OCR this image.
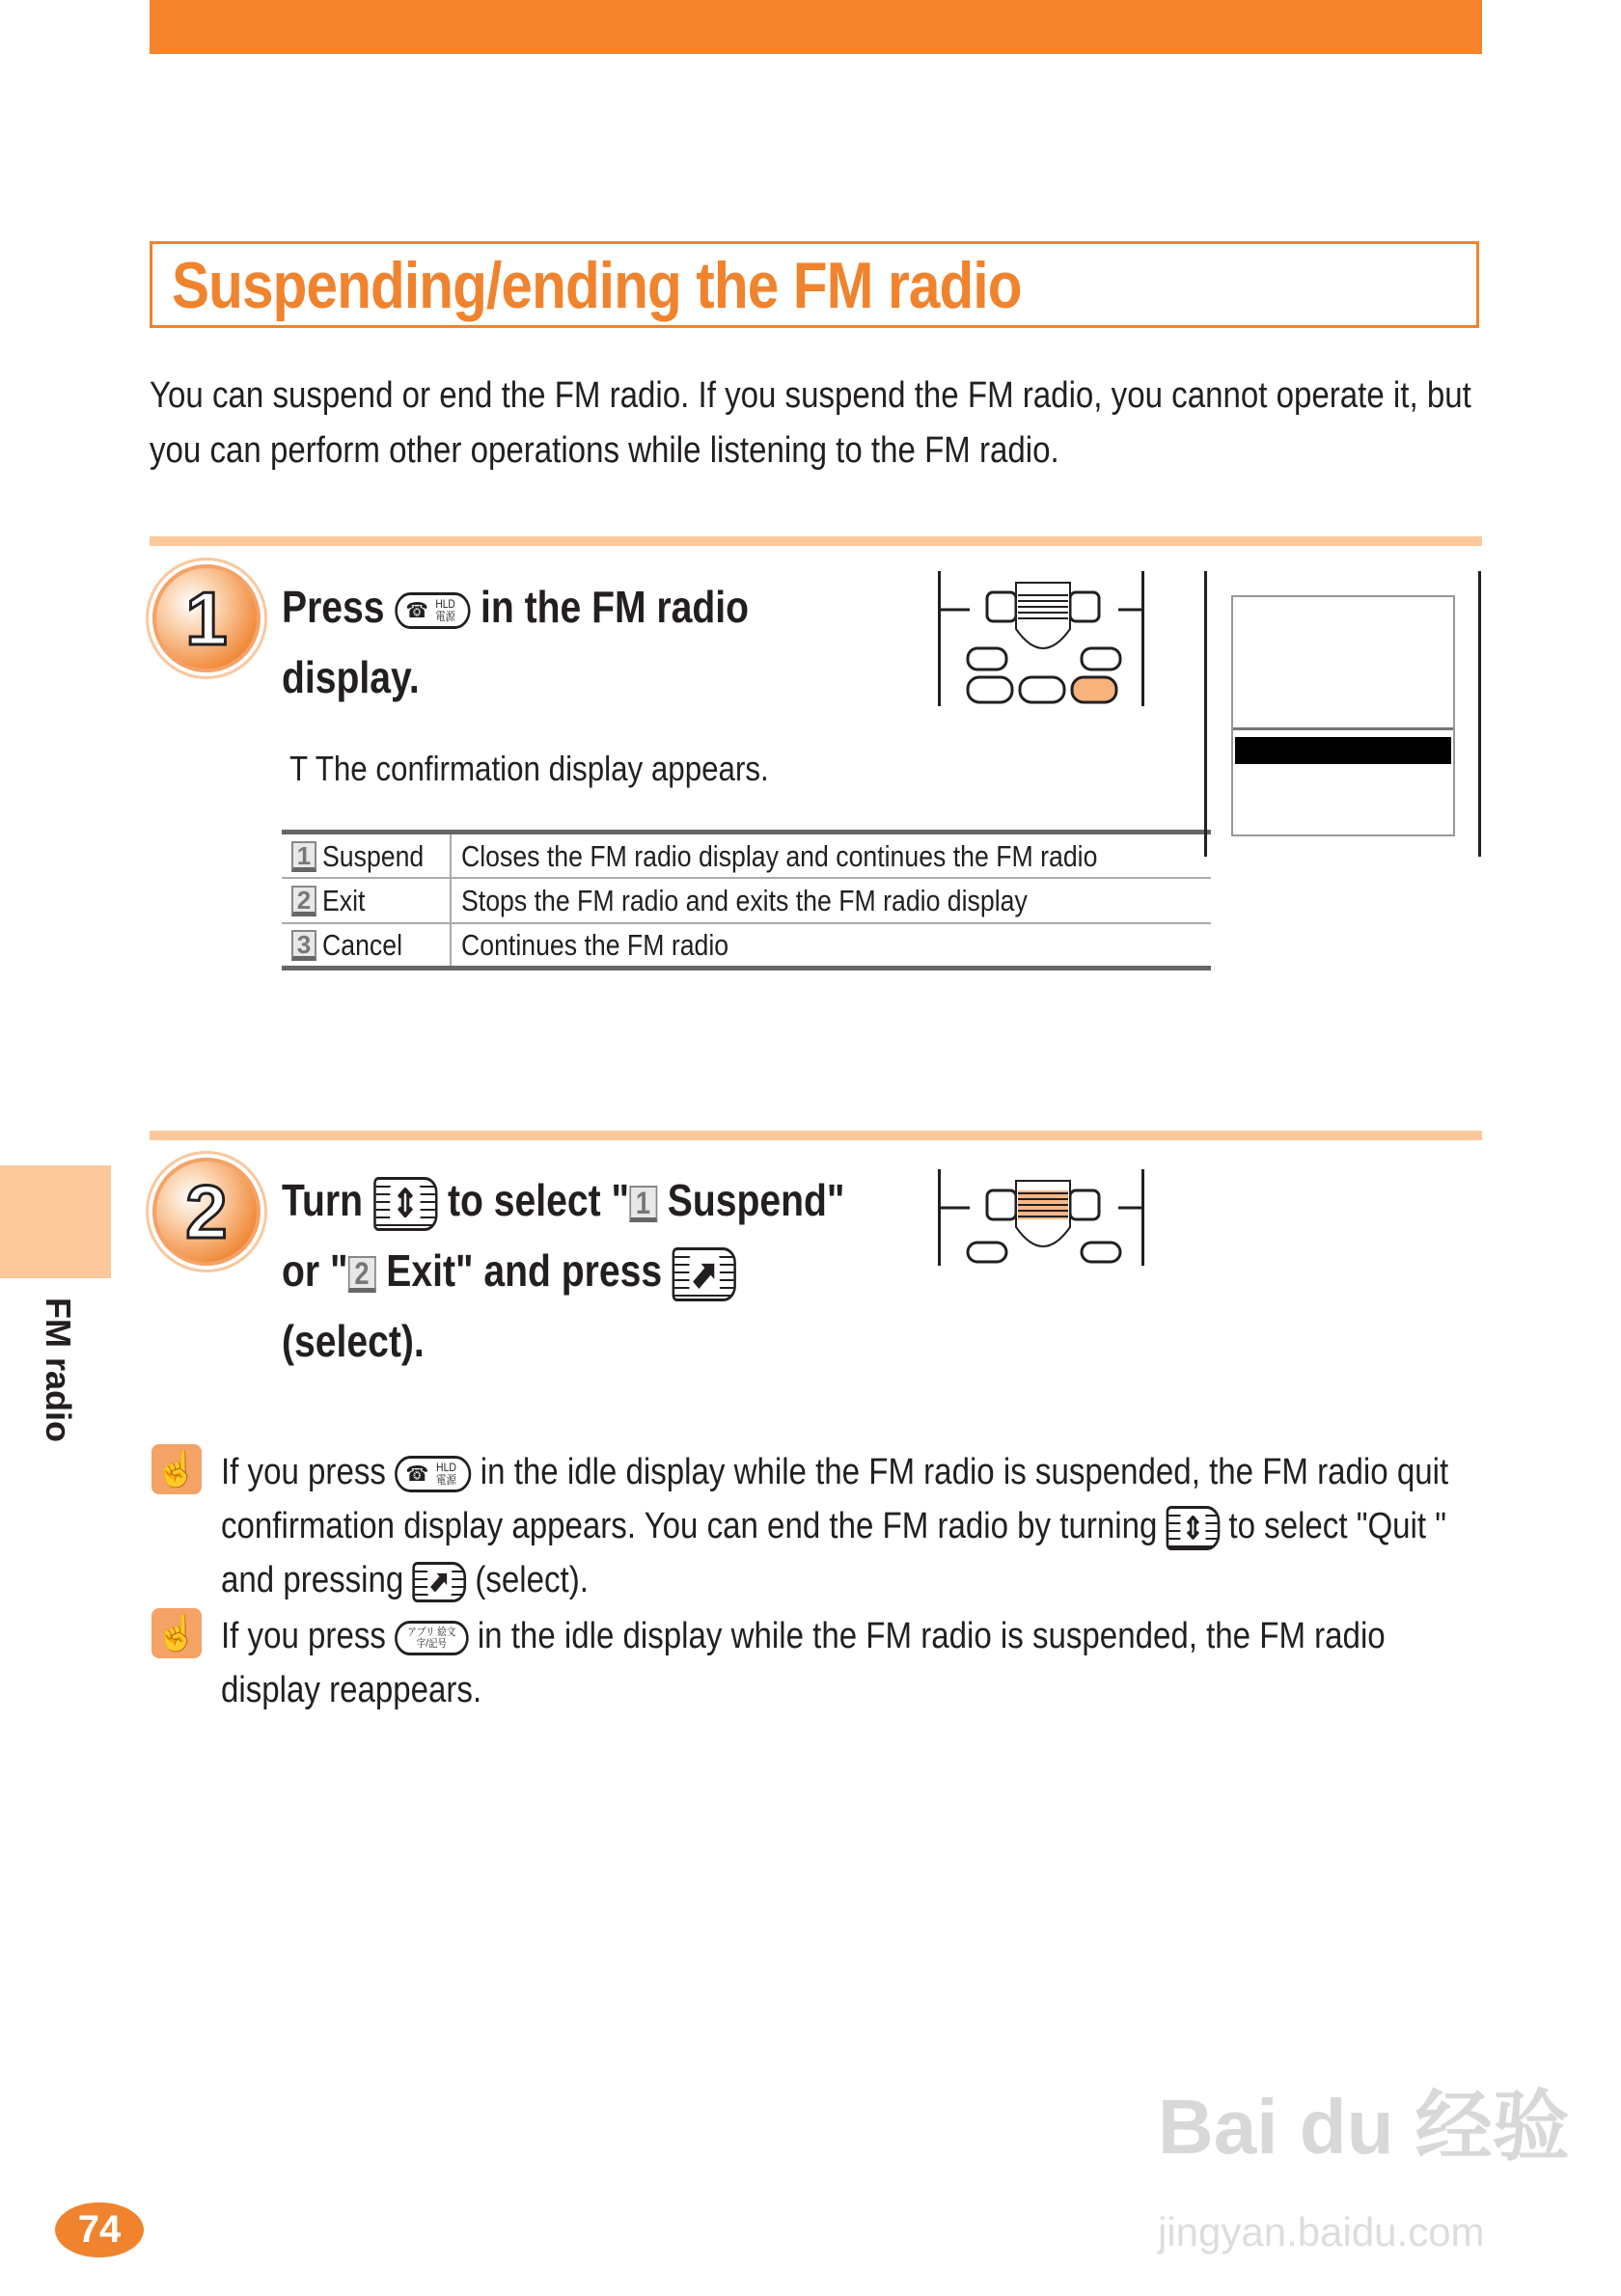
Suspending/ending the FM radio
You can suspend or end the FM radio. If you suspend the FM radio, you cannot operate it, but you can perform other operations while listening to the FM radio.
1	Press ☎ HLD 電源 in the FM radio
display.
T The confirmation display appears.
1 Suspend	Closes the FM radio display and continues the FM radio
2 Exit	Stops the FM radio and exits the FM radio display
3 Cancel	Continues the FM radio
2	Turn ⇕ to select " 1 Suspend"
or " 2 Exit" and press ⬈

(select).
☝ If you press ☎ HLD 電源 in the idle display while the FM radio is suspended, the FM radio quit
confirmation display appears. You can end the FM radio by turning ⇕ to select "Quit "
and pressing ⬈ (select).
☝ If you press アプリ 絵文字/記号 in the idle display while the FM radio is suspended, the FM radio
display reappears.
FM radio
74
Bai du 经验
jingyan.baidu.com
